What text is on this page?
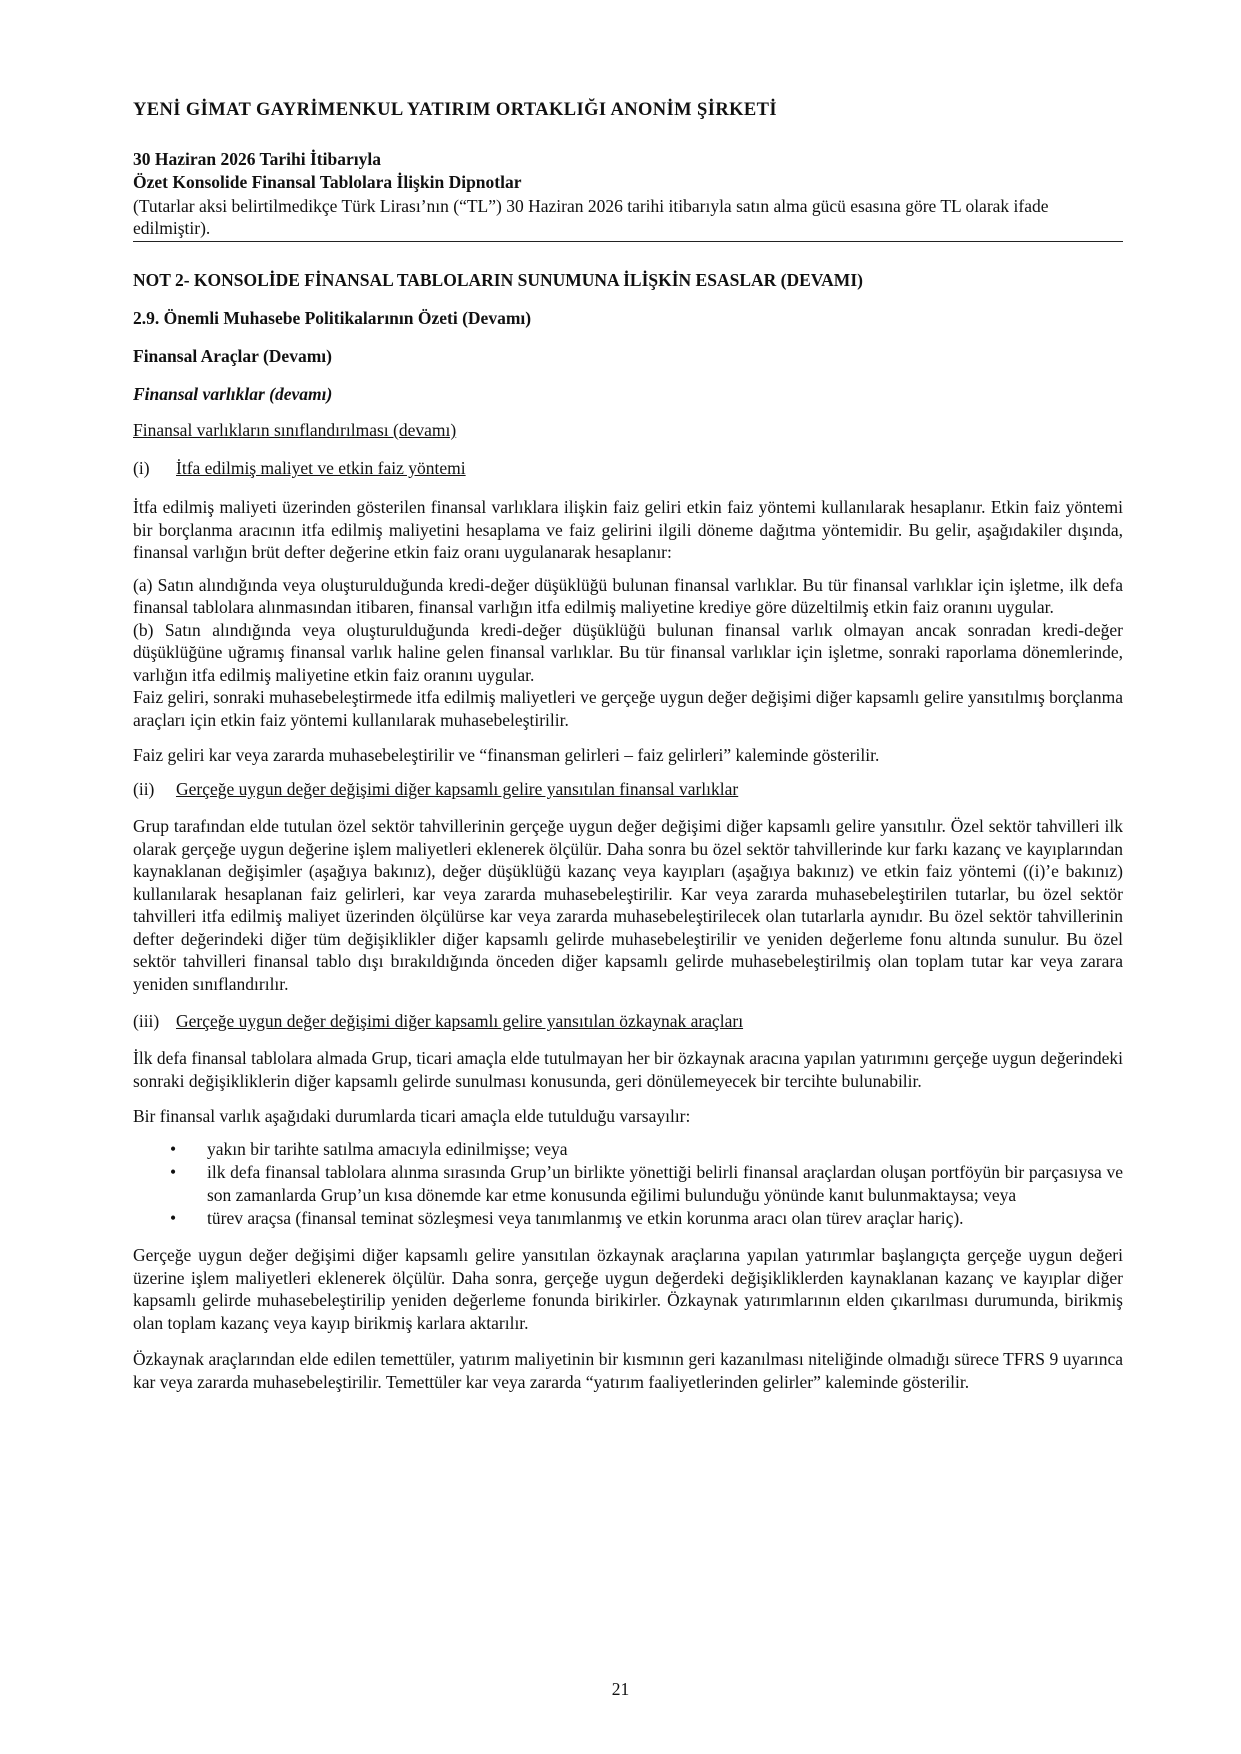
YENİ GİMAT GAYRİMENKUL YATIRIM ORTAKLIĞI ANONİM ŞİRKETİ
30 Haziran 2026 Tarihi İtibarıyla
Özet Konsolide Finansal Tablolara İlişkin Dipnotlar
(Tutarlar aksi belirtilmedikçe Türk Lirası’nın (“TL”) 30 Haziran 2026 tarihi itibarıyla satın alma gücü esasına göre TL olarak ifade edilmiştir).

NOT 2- KONSOLİDE FİNANSAL TABLOLARIN SUNUMUNA İLİŞKİN ESASLAR (DEVAMI)

2.9. Önemli Muhasebe Politikalarının Özeti (Devamı)

Finansal Araçlar (Devamı)

Finansal varlıklar (devamı)

Finansal varlıkların sınıflandırılması (devamı)

(i)	İtfa edilmiş maliyet ve etkin faiz yöntemi

İtfa edilmiş maliyeti üzerinden gösterilen finansal varlıklara ilişkin faiz geliri etkin faiz yöntemi kullanılarak hesaplanır. Etkin faiz yöntemi bir borçlanma aracının itfa edilmiş maliyetini hesaplama ve faiz gelirini ilgili döneme dağıtma yöntemidir. Bu gelir, aşağıdakiler dışında, finansal varlığın brüt defter değerine etkin faiz oranı uygulanarak hesaplanır:

(a) Satın alındığında veya oluşturulduğunda kredi-değer düşüklüğü bulunan finansal varlıklar. Bu tür finansal varlıklar için işletme, ilk defa finansal tablolara alınmasından itibaren, finansal varlığın itfa edilmiş maliyetine krediye göre düzeltilmiş etkin faiz oranını uygular.

(b) Satın alındığında veya oluşturulduğunda kredi-değer düşüklüğü bulunan finansal varlık olmayan ancak sonradan kredi-değer düşüklüğüne uğramış finansal varlık haline gelen finansal varlıklar. Bu tür finansal varlıklar için işletme, sonraki raporlama dönemlerinde, varlığın itfa edilmiş maliyetine etkin faiz oranını uygular.

Faiz geliri, sonraki muhasebeleştirmede itfa edilmiş maliyetleri ve gerçeğe uygun değer değişimi diğer kapsamlı gelire yansıtılmış borçlanma araçları için etkin faiz yöntemi kullanılarak muhasebeleştirilir.

Faiz geliri kar veya zararda muhasebeleştirilir ve “finansman gelirleri – faiz gelirleri” kaleminde gösterilir.

(ii)	Gerçeğe uygun değer değişimi diğer kapsamlı gelire yansıtılan finansal varlıklar

Grup tarafından elde tutulan özel sektör tahvillerinin gerçeğe uygun değer değişimi diğer kapsamlı gelire yansıtılır. Özel sektör tahvilleri ilk olarak gerçeğe uygun değerine işlem maliyetleri eklenerek ölçülür. Daha sonra bu özel sektör tahvillerinde kur farkı kazanç ve kayıplarından kaynaklanan değişimler (aşağıya bakınız), değer düşüklüğü kazanç veya kayıpları (aşağıya bakınız) ve etkin faiz yöntemi ((i)’e bakınız) kullanılarak hesaplanan faiz gelirleri, kar veya zararda muhasebeleştirilir. Kar veya zararda muhasebeleştirilen tutarlar, bu özel sektör tahvilleri itfa edilmiş maliyet üzerinden ölçülürse kar veya zararda muhasebeleştirilecek olan tutarlarla aynıdır. Bu özel sektör tahvillerinin defter değerindeki diğer tüm değişiklikler diğer kapsamlı gelirde muhasebeleştirilir ve yeniden değerleme fonu altında sunulur. Bu özel sektör tahvilleri finansal tablo dışı bırakıldığında önceden diğer kapsamlı gelirde muhasebeleştirilmiş olan toplam tutar kar veya zarara yeniden sınıflandırılır.

(iii) Gerçeğe uygun değer değişimi diğer kapsamlı gelire yansıtılan özkaynak araçları

İlk defa finansal tablolara almada Grup, ticari amaçla elde tutulmayan her bir özkaynak aracına yapılan yatırımını gerçeğe uygun değerindeki sonraki değişikliklerin diğer kapsamlı gelirde sunulması konusunda, geri dönülemeyecek bir tercihte bulunabilir.

Bir finansal varlık aşağıdaki durumlarda ticari amaçla elde tutulduğu varsayılır:

• yakın bir tarihte satılma amacıyla edinilmişse; veya
• ilk defa finansal tablolara alınma sırasında Grup’un birlikte yönettiği belirli finansal araçlardan oluşan portföyün bir parçasıysa ve son zamanlarda Grup’un kısa dönemde kar etme konusunda eğilimi bulunduğu yönünde kanıt bulunmaktaysa; veya
• türev araçsa (finansal teminat sözleşmesi veya tanımlanmış ve etkin korunma aracı olan türev araçlar hariç).

Gerçeğe uygun değer değişimi diğer kapsamlı gelire yansıtılan özkaynak araçlarına yapılan yatırımlar başlangıçta gerçeğe uygun değeri üzerine işlem maliyetleri eklenerek ölçülür. Daha sonra, gerçeğe uygun değerdeki değişikliklerden kaynaklanan kazanç ve kayıplar diğer kapsamlı gelirde muhasebeleştirilip yeniden değerleme fonunda birikirler. Özkaynak yatırımlarının elden çıkarılması durumunda, birikmiş olan toplam kazanç veya kayıp birikmiş karlara aktarılır.

Özkaynak araçlarından elde edilen temettüler, yatırım maliyetinin bir kısmının geri kazanılması niteliğinde olmadığı sürece TFRS 9 uyarınca kar veya zararda muhasebeleştirilir. Temettüler kar veya zararda “yatırım faaliyetlerinden gelirler” kaleminde gösterilir.

21
